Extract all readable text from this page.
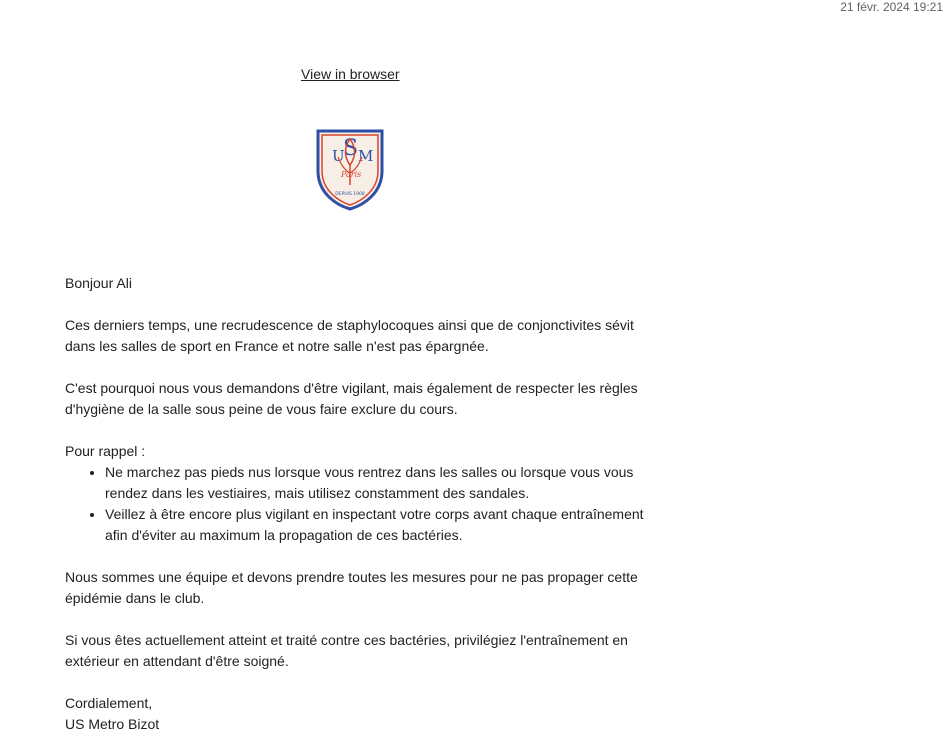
21 févr. 2024 19:21
View in browser
U
S M
Paris
DEPUIS 1908

Bonjour Ali

Ces derniers temps, une recrudescence de staphylocoques ainsi que de conjonctivites sévit dans les salles de sport en France et notre salle n'est pas épargnée.

C'est pourquoi nous vous demandons d'être vigilant, mais également de respecter les règles d'hygiène de la salle sous peine de vous faire exclure du cours.

Pour rappel :

• Ne marchez pas pieds nus lorsque vous rentrez dans les salles ou lorsque vous vous rendez dans les vestiaires, mais utilisez constamment des sandales.
• Veillez à être encore plus vigilant en inspectant votre corps avant chaque entraînement afin d'éviter au maximum la propagation de ces bactéries.

Nous sommes une équipe et devons prendre toutes les mesures pour ne pas propager cette épidémie dans le club.

Si vous êtes actuellement atteint et traité contre ces bactéries, privilégiez l'entraînement en extérieur en attendant d'être soigné.

Cordialement,

US Metro Bizot
